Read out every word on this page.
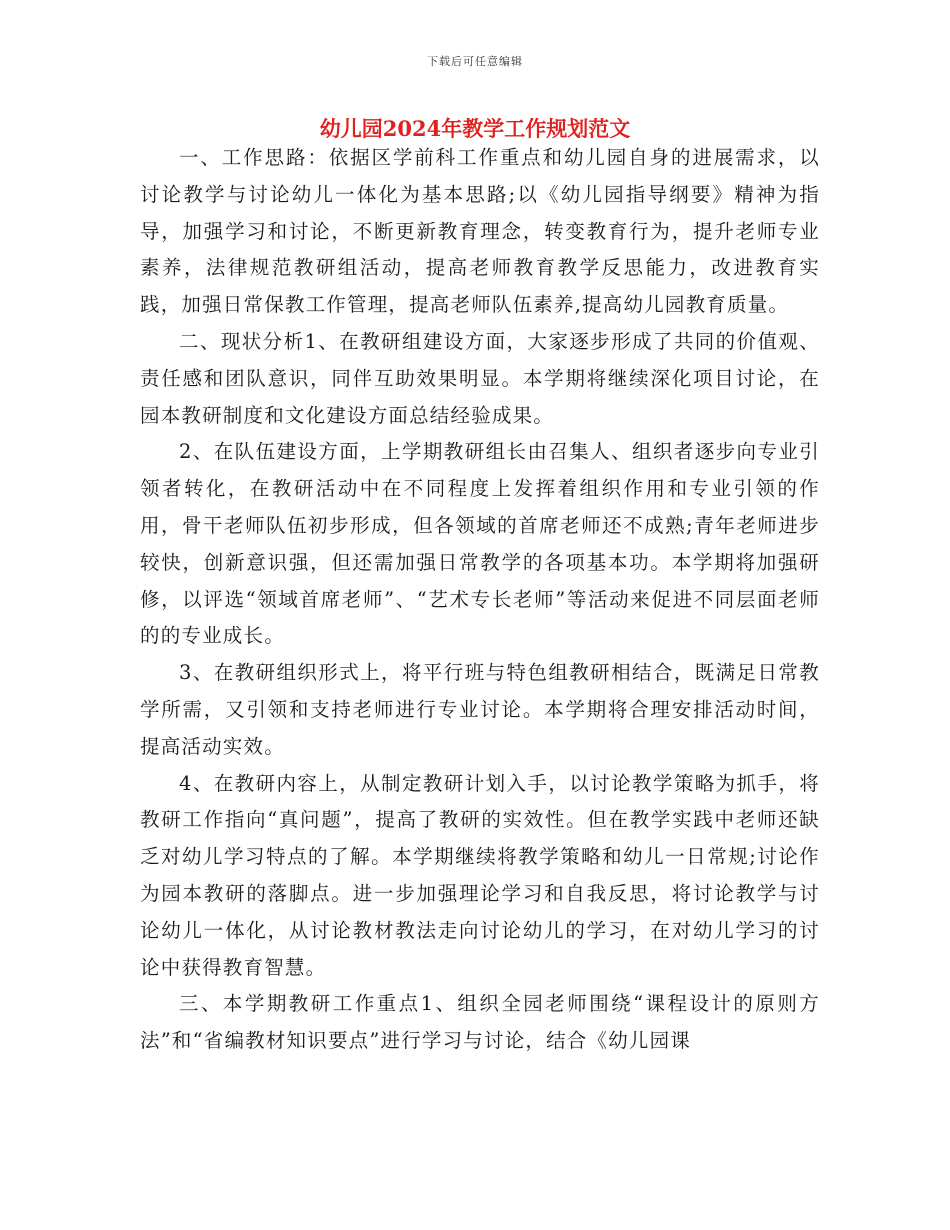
下载后可任意编辑
幼儿园2024年教学工作规划范文

一、工作思路：依据区学前科工作重点和幼儿园自身的进展需求，以讨论教学与讨论幼儿一体化为基本思路;以《幼儿园指导纲要》精神为指导，加强学习和讨论，不断更新教育理念，转变教育行为，提升老师专业素养，法律规范教研组活动，提高老师教育教学反思能力，改进教育实践，加强日常保教工作管理，提高老师队伍素养,提高幼儿园教育质量。

二、现状分析1、在教研组建设方面，大家逐步形成了共同的价值观、责任感和团队意识，同伴互助效果明显。本学期将继续深化项目讨论，在园本教研制度和文化建设方面总结经验成果。

2、在队伍建设方面，上学期教研组长由召集人、组织者逐步向专业引领者转化，在教研活动中在不同程度上发挥着组织作用和专业引领的作用，骨干老师队伍初步形成，但各领域的首席老师还不成熟;青年老师进步较快，创新意识强，但还需加强日常教学的各项基本功。本学期将加强研修，以评选“领域首席老师”、“艺术专长老师”等活动来促进不同层面老师的的专业成长。

3、在教研组织形式上，将平行班与特色组教研相结合，既满足日常教学所需，又引领和支持老师进行专业讨论。本学期将合理安排活动时间，提高活动实效。

4、在教研内容上，从制定教研计划入手，以讨论教学策略为抓手，将教研工作指向“真问题”，提高了教研的实效性。但在教学实践中老师还缺乏对幼儿学习特点的了解。本学期继续将教学策略和幼儿一日常规;讨论作为园本教研的落脚点。进一步加强理论学习和自我反思，将讨论教学与讨论幼儿一体化，从讨论教材教法走向讨论幼儿的学习，在对幼儿学习的讨论中获得教育智慧。

三、本学期教研工作重点1、组织全园老师围绕“课程设计的原则方法”和“省编教材知识要点”进行学习与讨论，结合《幼儿园课
